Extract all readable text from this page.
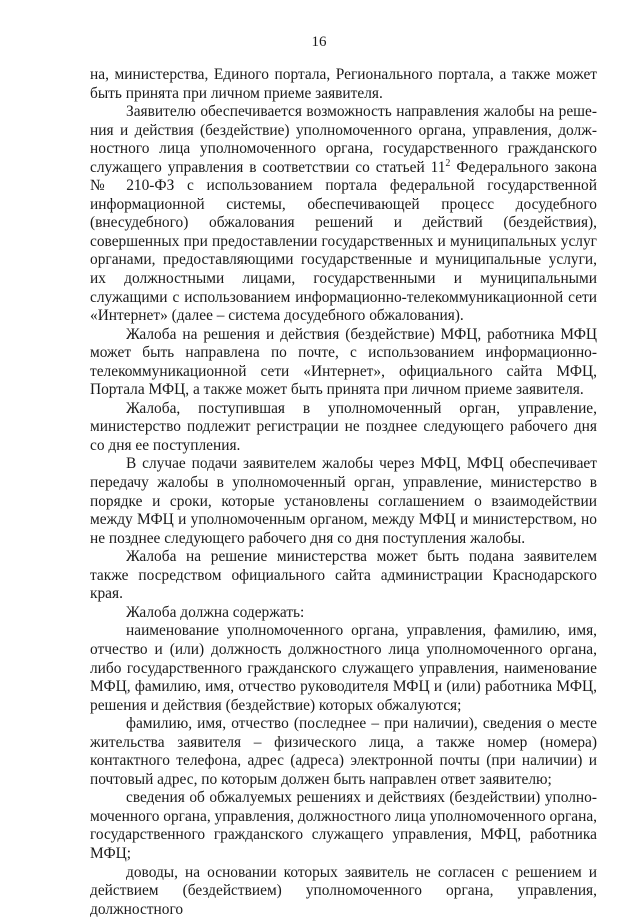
16

на, министерства, Единого портала, Регионального портала, а также может быть принята при личном приеме заявителя.

Заявителю обеспечивается возможность направления жалобы на решения и действия (бездействие) уполномоченного органа, управления, должностного лица уполномоченного органа, государственного гражданского служащего управления в соответствии со статьей $11^2$ Федерального закона № 210-ФЗ с использованием портала федеральной государственной информационной системы, обеспечивающей процесс досудебного (внесудебного) обжалования решений и действий (бездействия), совершенных при предоставлении государственных и муниципальных услуг органами, предоставляющими государственные и муниципальные услуги, их должностными лицами, государственными и муниципальными служащими с использованием информационно-телекоммуникационной сети «Интернет» (далее – система досудебного обжалования).

Жалоба на решения и действия (бездействие) МФЦ, работника МФЦ может быть направлена по почте, с использованием информационно-телекоммуникационной сети «Интернет», официального сайта МФЦ, Портала МФЦ, а также может быть принята при личном приеме заявителя.

Жалоба, поступившая в уполномоченный орган, управление, министерство подлежит регистрации не позднее следующего рабочего дня со дня ее поступления.

В случае подачи заявителем жалобы через МФЦ, МФЦ обеспечивает передачу жалобы в уполномоченный орган, управление, министерство в порядке и сроки, которые установлены соглашением о взаимодействии между МФЦ и уполномоченным органом, между МФЦ и министерством, но не позднее следующего рабочего дня со дня поступления жалобы.

Жалоба на решение министерства может быть подана заявителем также посредством официального сайта администрации Краснодарского края.

Жалоба должна содержать:

наименование уполномоченного органа, управления, фамилию, имя, отчество и (или) должность должностного лица уполномоченного органа, либо государственного гражданского служащего управления, наименование МФЦ, фамилию, имя, отчество руководителя МФЦ и (или) работника МФЦ, решения и действия (бездействие) которых обжалуются;

фамилию, имя, отчество (последнее – при наличии), сведения о месте жительства заявителя – физического лица, а также номер (номера) контактного телефона, адрес (адреса) электронной почты (при наличии) и почтовый адрес, по которым должен быть направлен ответ заявителю;

сведения об обжалуемых решениях и действиях (бездействии) уполномоченного органа, управления, должностного лица уполномоченного органа, государственного гражданского служащего управления, МФЦ, работника МФЦ;

доводы, на основании которых заявитель не согласен с решением и действием (бездействием) уполномоченного органа, управления, должностного
